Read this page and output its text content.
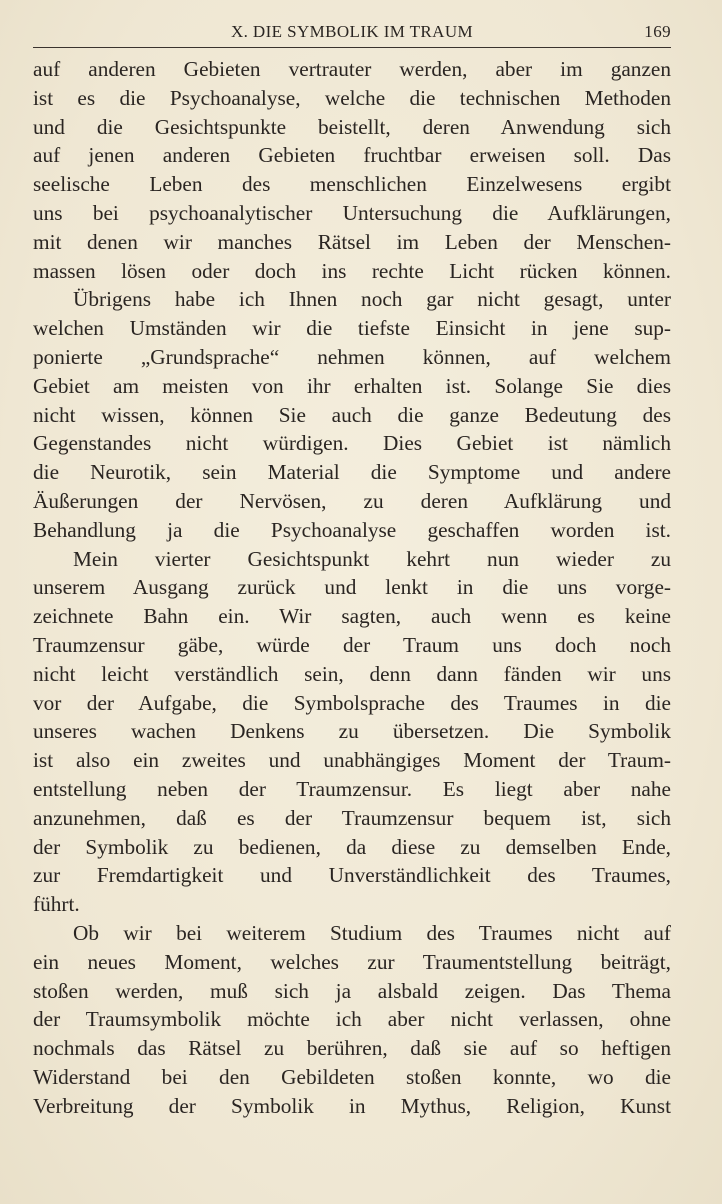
X. DIE SYMBOLIK IM TRAUM	169
auf anderen Gebieten vertrauter werden, aber im ganzen
ist es die Psychoanalyse, welche die technischen Methoden
und die Gesichtspunkte beistellt, deren Anwendung sich
auf jenen anderen Gebieten fruchtbar erweisen soll. Das
seelische Leben des menschlichen Einzelwesens ergibt
uns bei psychoanalytischer Untersuchung die Aufklärungen,
mit denen wir manches Rätsel im Leben der Menschen-
massen lösen oder doch ins rechte Licht rücken können.
Übrigens habe ich Ihnen noch gar nicht gesagt, unter
welchen Umständen wir die tiefste Einsicht in jene sup-
ponierte „Grundsprache“ nehmen können, auf welchem
Gebiet am meisten von ihr erhalten ist. Solange Sie dies
nicht wissen, können Sie auch die ganze Bedeutung des
Gegenstandes nicht würdigen. Dies Gebiet ist nämlich
die Neurotik, sein Material die Symptome und andere
Äußerungen der Nervösen, zu deren Aufklärung und
Behandlung ja die Psychoanalyse geschaffen worden ist.
Mein vierter Gesichtspunkt kehrt nun wieder zu
unserem Ausgang zurück und lenkt in die uns vorge-
zeichnete Bahn ein. Wir sagten, auch wenn es keine
Traumzensur gäbe, würde der Traum uns doch noch
nicht leicht verständlich sein, denn dann fänden wir uns
vor der Aufgabe, die Symbolsprache des Traumes in die
unseres wachen Denkens zu übersetzen. Die Symbolik
ist also ein zweites und unabhängiges Moment der Traum-
entstellung neben der Traumzensur. Es liegt aber nahe
anzunehmen, daß es der Traumzensur bequem ist, sich
der Symbolik zu bedienen, da diese zu demselben Ende,
zur Fremdartigkeit und Unverständlichkeit des Traumes,
führt.
Ob wir bei weiterem Studium des Traumes nicht auf
ein neues Moment, welches zur Traumentstellung beiträgt,
stoßen werden, muß sich ja alsbald zeigen. Das Thema
der Traumsymbolik möchte ich aber nicht verlassen, ohne
nochmals das Rätsel zu berühren, daß sie auf so heftigen
Widerstand bei den Gebildeten stoßen konnte, wo die
Verbreitung der Symbolik in Mythus, Religion, Kunst
